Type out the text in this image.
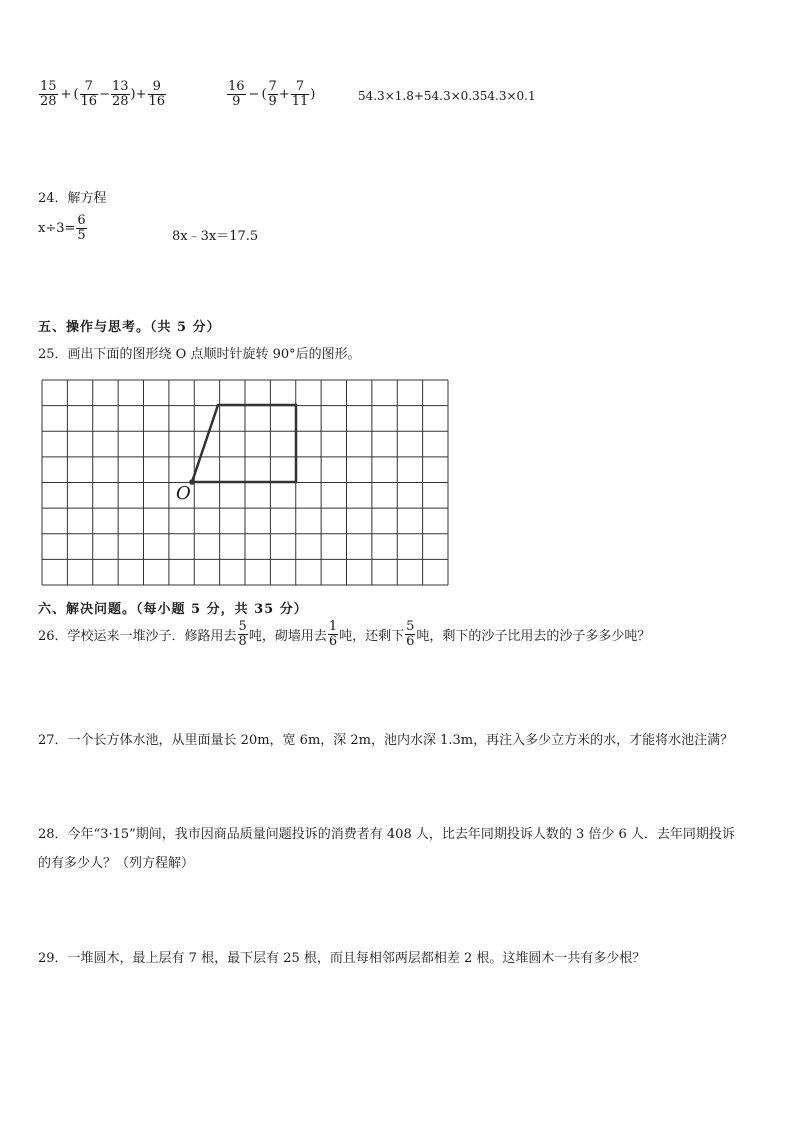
$\frac{15}{28}$ + ( $\frac{7}{16} - \frac{13}{28}$ ) + $\frac{9}{16}$	$\frac{16}{9}$ − ( $\frac{7}{9} + \frac{7}{11}$ )	54.3×1.8+54.3×0.354.3×0.1
24．解方程
$x\div 3= \frac{6}{5}$	8x﹣3x＝17.5
五、操作与思考。（共 5 分）
25．画出下面的图形绕 O 点顺时针旋转 90°后的图形。
O
六、解决问题。（每小题 5 分，共 35 分）
26．学校运来一堆沙子．修路用去 $\frac{5}{8}$ 吨，砌墙用去 $\frac{1}{6}$ 吨，还剩下 $\frac{5}{6}$ 吨，剩下的沙子比用去的沙子多多少吨？
27．一个长方体水池，从里面量长 20m，宽 6m，深 2m，池内水深 1.3m，再注入多少立方米的水，才能将水池注满？
28．今年“3·15”期间，我市因商品质量问题投诉的消费者有 408 人，比去年同期投诉人数的 3 倍少 6 人．去年同期投诉
的有多少人？（列方程解）
29．一堆圆木，最上层有 7 根，最下层有 25 根，而且每相邻两层都相差 2 根。这堆圆木一共有多少根？
